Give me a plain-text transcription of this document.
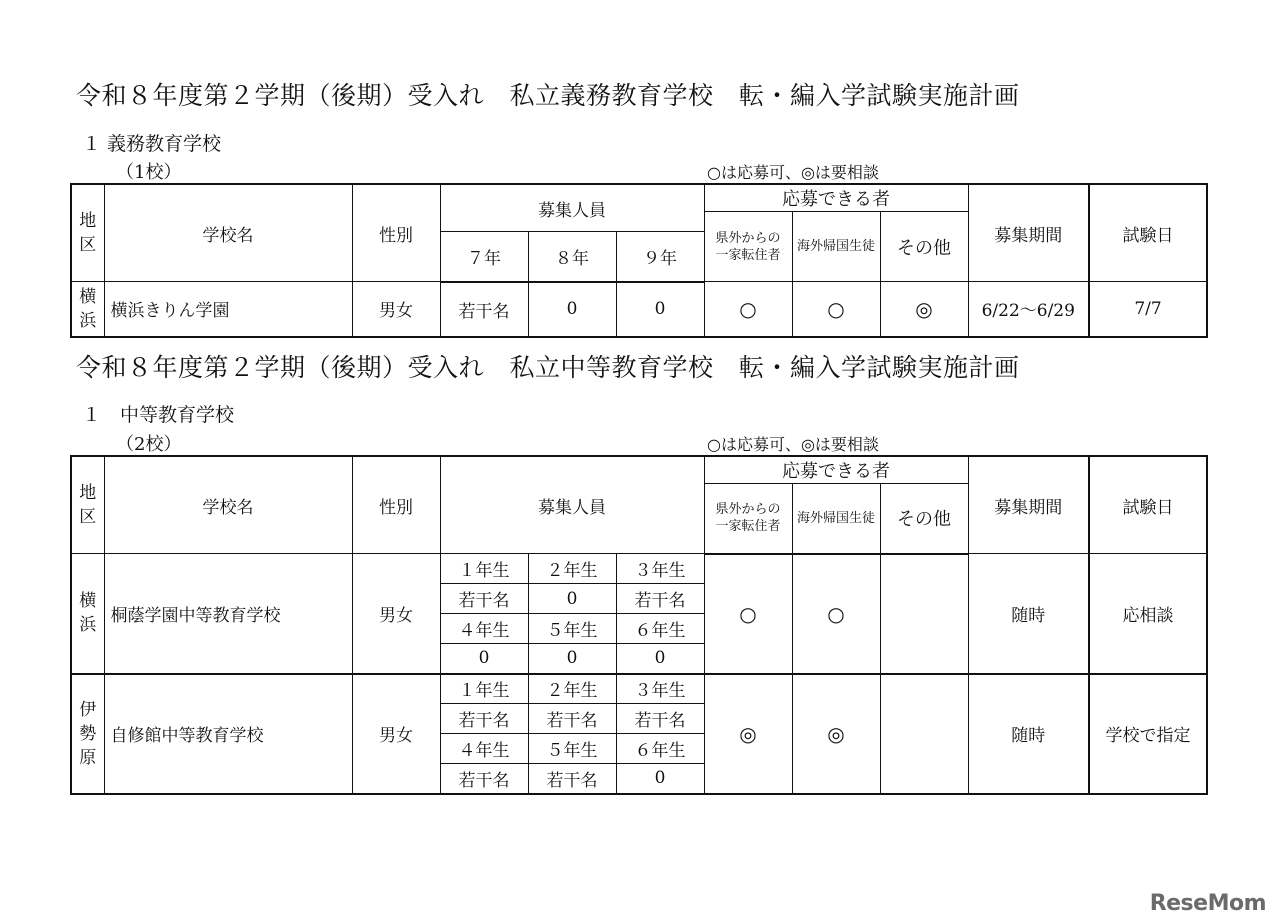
令和８年度第２学期（後期）受入れ　私立義務教育学校　転・編入学試験実施計画
１ 義務教育学校
（1校）	○は応募可、◎は要相談
地区	学校名	性別	募集人員			応募できる者			募集期間	試験日

						県外からの一家転住者	海外帰国生徒	その他		
			７年	８年	９年					
横浜	横浜きりん学園	男女	若干名	0	0	○	○	◎	6/22〜6/29	7/7
令和８年度第２学期（後期）受入れ　私立中等教育学校　転・編入学試験実施計画
１　中等教育学校
（2校）	○は応募可、◎は要相談
地区	学校名	性別	募集人員			応募できる者			募集期間	試験日

						県外からの一家転住者	海外帰国生徒	その他		
横浜	桐蔭学園中等教育学校	男女	１年生	２年生	３年生	○	○		随時	応相談
			若干名	0	若干名					
			４年生	５年生	６年生					
			0	0	0					
伊勢原	自修館中等教育学校	男女	１年生	２年生	３年生	◎	◎		随時	学校で指定
			若干名	若干名	若干名					
			４年生	５年生	６年生					
			若干名	若干名	0					
ReseMom
